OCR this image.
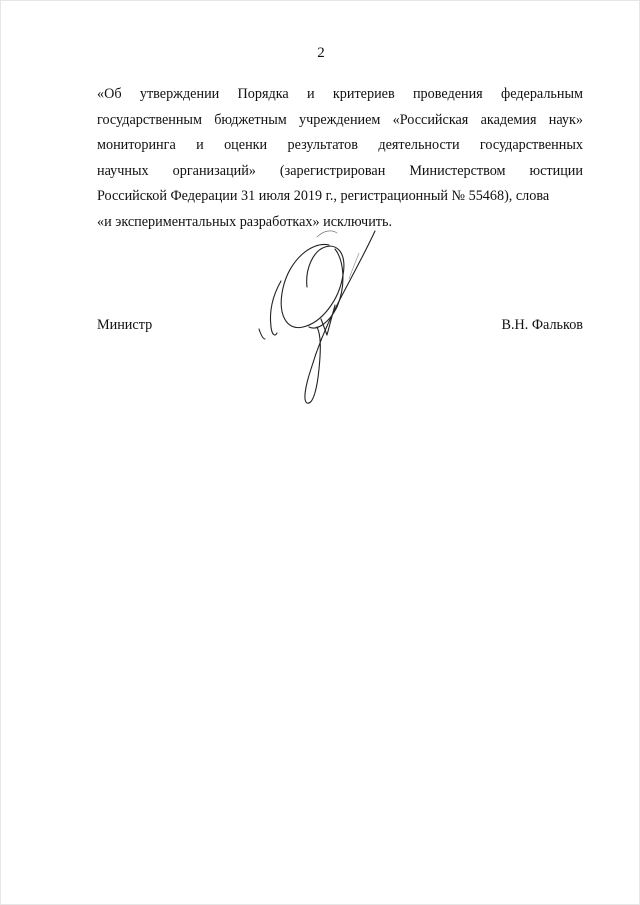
2
«Об утверждении Порядка и критериев проведения федеральным
государственным бюджетным учреждением «Российская академия наук»
мониторинга и оценки результатов деятельности государственных
научных организаций» (зарегистрирован Министерством юстиции
Российской Федерации 31 июля 2019 г., регистрационный № 55468), слова
«и экспериментальных разработках» исключить.
Министр	В.Н. Фальков
